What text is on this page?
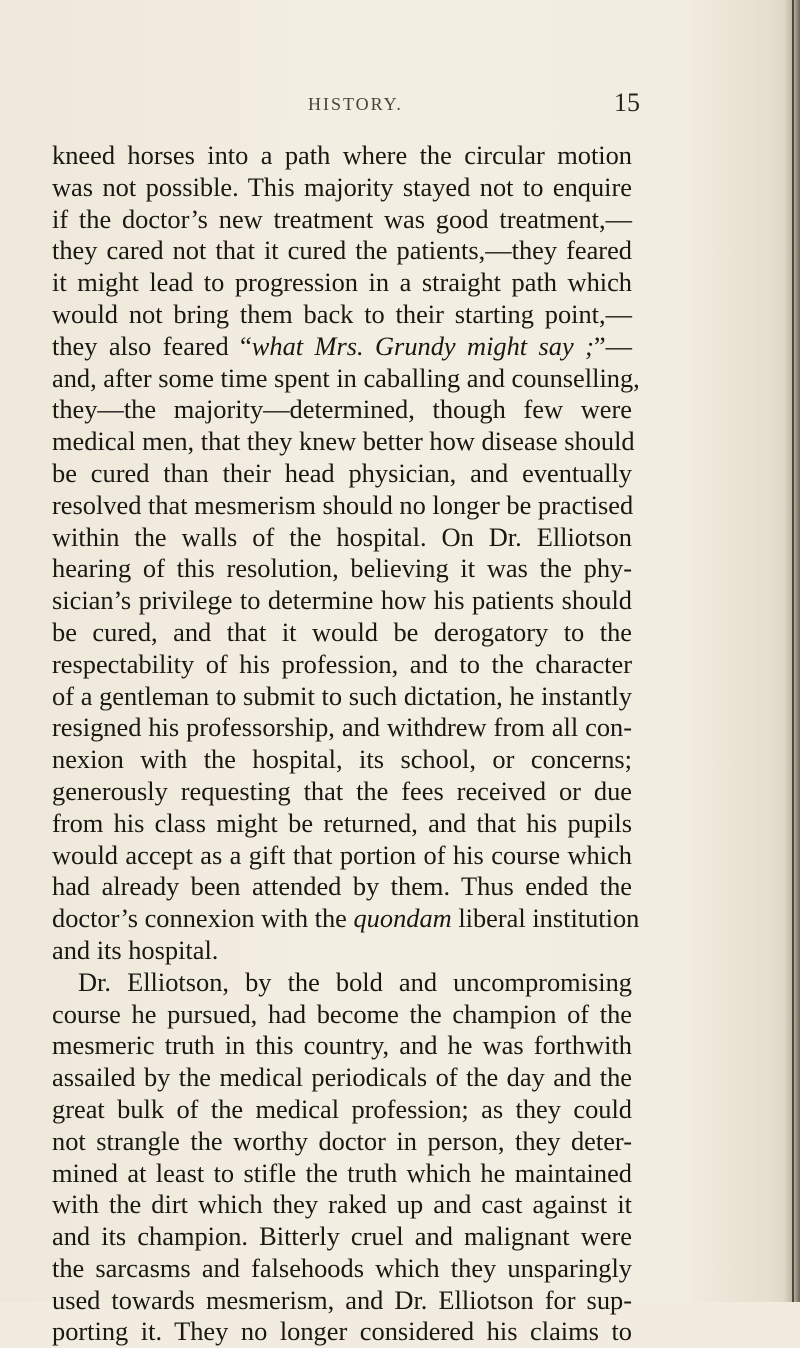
HISTORY.	15
kneed horses into a path where the circular motion
was not possible. This majority stayed not to enquire
if the doctor’s new treatment was good treatment,—
they cared not that it cured the patients,—they feared
it might lead to progression in a straight path which
would not bring them back to their starting point,—
they also feared “what Mrs. Grundy might say ;”—
and, after some time spent in caballing and counselling,
they—the majority—determined, though few were
medical men, that they knew better how disease should
be cured than their head physician, and eventually
resolved that mesmerism should no longer be practised
within the walls of the hospital. On Dr. Elliotson
hearing of this resolution, believing it was the phy-
sician’s privilege to determine how his patients should
be cured, and that it would be derogatory to the
respectability of his profession, and to the character
of a gentleman to submit to such dictation, he instantly
resigned his professorship, and withdrew from all con-
nexion with the hospital, its school, or concerns;
generously requesting that the fees received or due
from his class might be returned, and that his pupils
would accept as a gift that portion of his course which
had already been attended by them. Thus ended the
doctor’s connexion with the quondam liberal institution
and its hospital.
Dr. Elliotson, by the bold and uncompromising
course he pursued, had become the champion of the
mesmeric truth in this country, and he was forthwith
assailed by the medical periodicals of the day and the
great bulk of the medical profession; as they could
not strangle the worthy doctor in person, they deter-
mined at least to stifle the truth which he maintained
with the dirt which they raked up and cast against it
and its champion. Bitterly cruel and malignant were
the sarcasms and falsehoods which they unsparingly
used towards mesmerism, and Dr. Elliotson for sup-
porting it. They no longer considered his claims to
